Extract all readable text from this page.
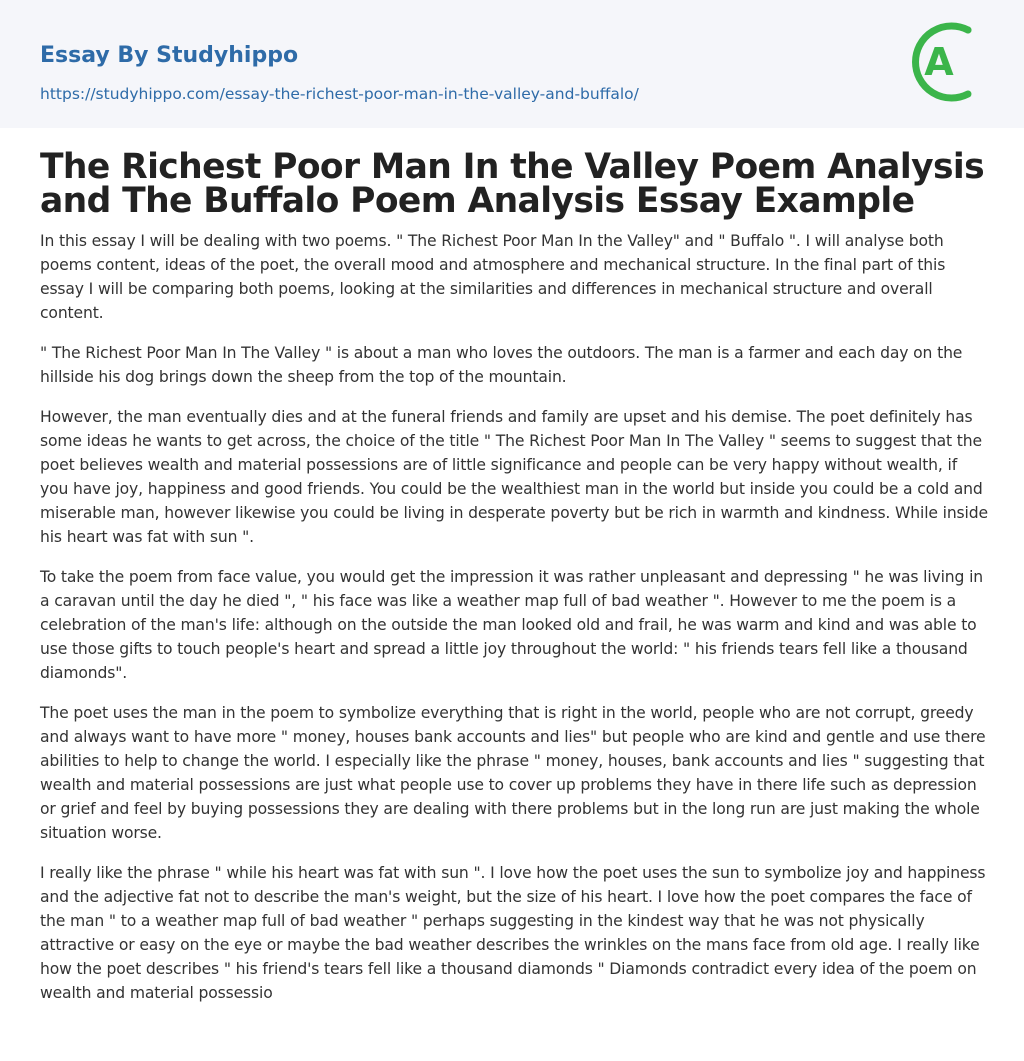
Essay By Studyhippo
https://studyhippo.com/essay-the-richest-poor-man-in-the-valley-and-buffalo/
A
The Richest Poor Man In the Valley Poem Analysis
and The Buffalo Poem Analysis Essay Example

In this essay I will be dealing with two poems. " The Richest Poor Man In the Valley" and " Buffalo ". I will analyse both poems content, ideas of the poet, the overall mood and atmosphere and mechanical structure. In the final part of this essay I will be comparing both poems, looking at the similarities and differences in mechanical structure and overall content.

" The Richest Poor Man In The Valley " is about a man who loves the outdoors. The man is a farmer and each day on the hillside his dog brings down the sheep from the top of the mountain.

However, the man eventually dies and at the funeral friends and family are upset and his demise. The poet definitely has some ideas he wants to get across, the choice of the title " The Richest Poor Man In The Valley " seems to suggest that the poet believes wealth and material possessions are of little significance and people can be very happy without wealth, if you have joy, happiness and good friends. You could be the wealthiest man in the world but inside you could be a cold and miserable man, however likewise you could be living in desperate poverty but be rich in warmth and kindness. While inside his heart was fat with sun ".

To take the poem from face value, you would get the impression it was rather unpleasant and depressing " he was living in a caravan until the day he died ", " his face was like a weather map full of bad weather ". However to me the poem is a celebration of the man's life: although on the outside the man looked old and frail, he was warm and kind and was able to use those gifts to touch people's heart and spread a little joy throughout the world: " his friends tears fell like a thousand diamonds".

The poet uses the man in the poem to symbolize everything that is right in the world, people who are not corrupt, greedy and always want to have more " money, houses bank accounts and lies" but people who are kind and gentle and use there abilities to help to change the world. I especially like the phrase " money, houses, bank accounts and lies " suggesting that wealth and material possessions are just what people use to cover up problems they have in there life such as depression or grief and feel by buying possessions they are dealing with there problems but in the long run are just making the whole situation worse.

I really like the phrase " while his heart was fat with sun ". I love how the poet uses the sun to symbolize joy and happiness and the adjective fat not to describe the man's weight, but the size of his heart. I love how the poet compares the face of the man " to a weather map full of bad weather " perhaps suggesting in the kindest way that he was not physically attractive or easy on the eye or maybe the bad weather describes the wrinkles on the mans face from old age. I really like how the poet describes " his friend's tears fell like a thousand diamonds " Diamonds contradict every idea of the poem on wealth and material possessio
